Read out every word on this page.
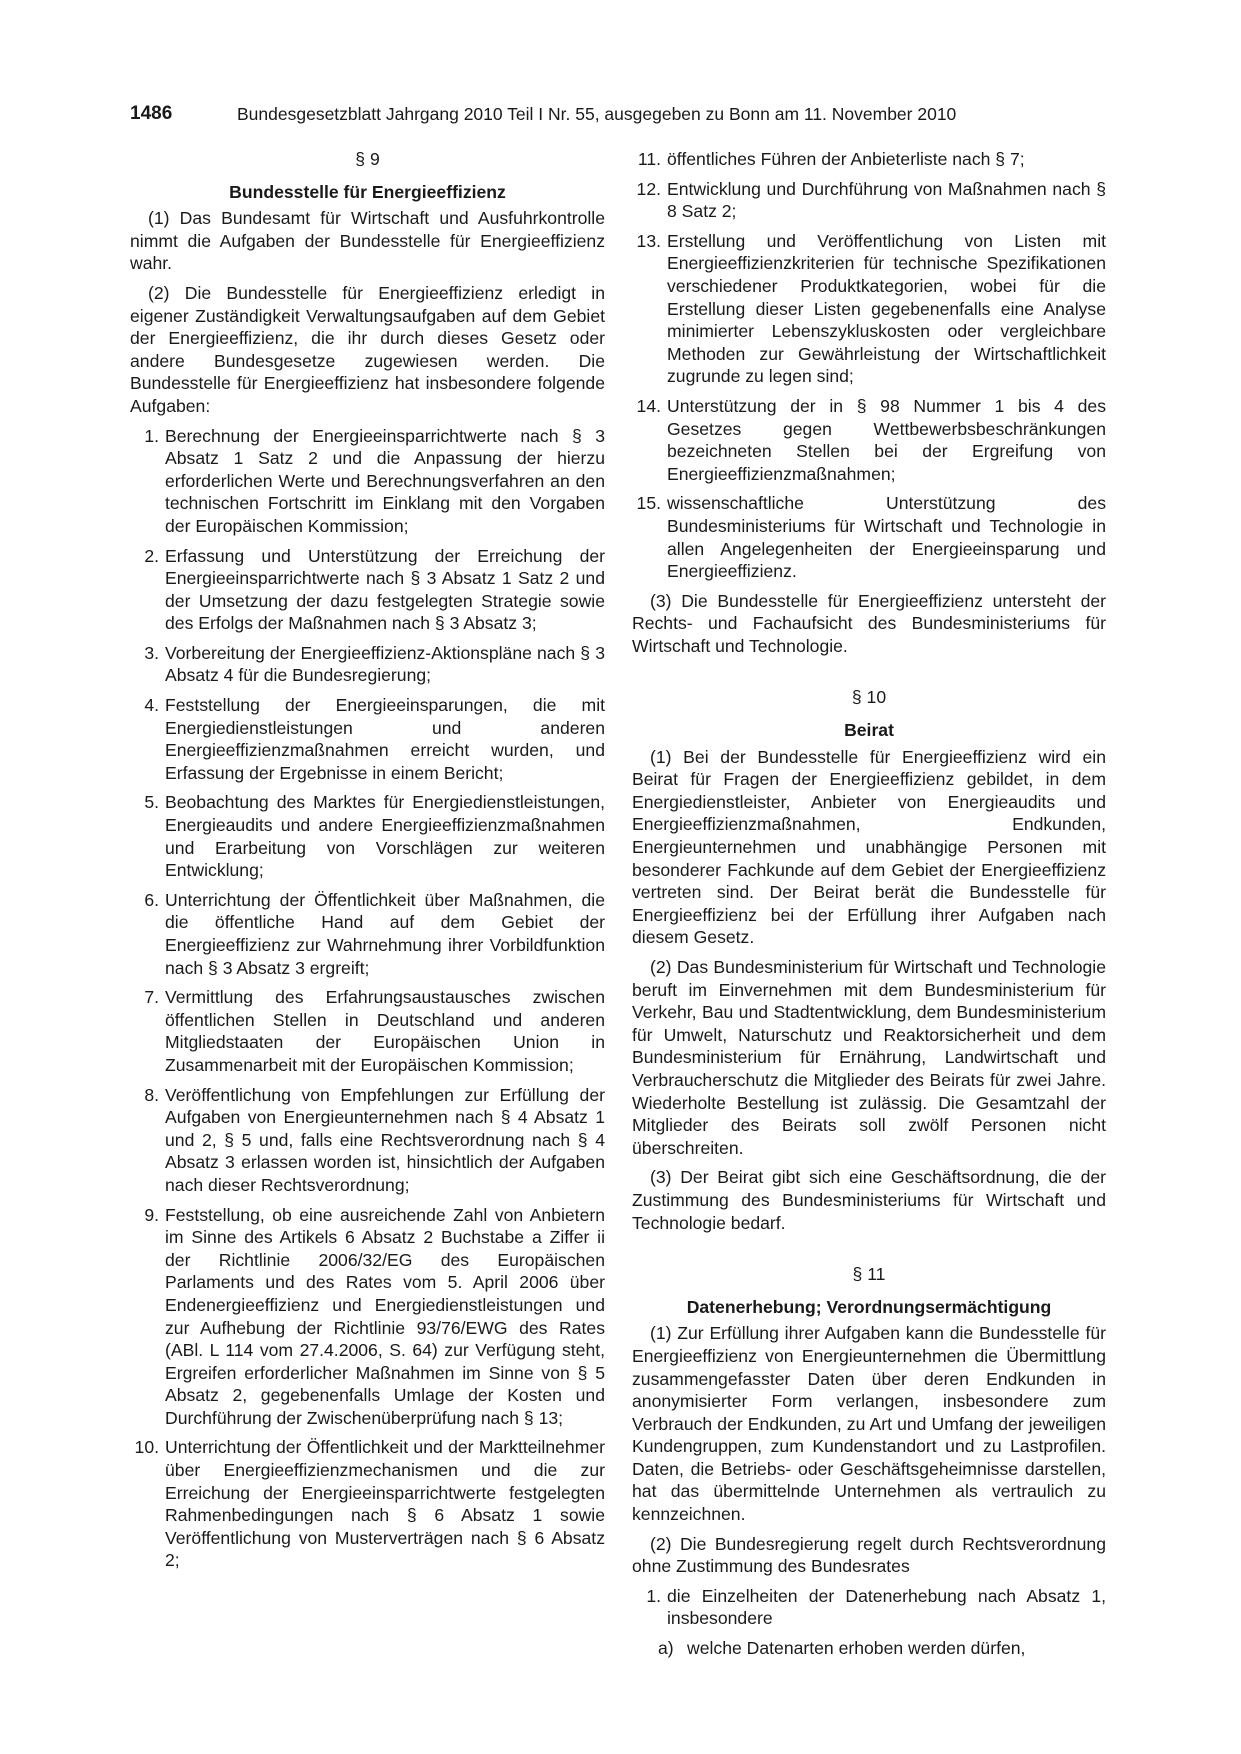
1486	Bundesgesetzblatt Jahrgang 2010 Teil I Nr. 55, ausgegeben zu Bonn am 11. November 2010

§ 9

Bundesstelle für Energieeffizienz

(1) Das Bundesamt für Wirtschaft und Ausfuhrkontrolle nimmt die Aufgaben der Bundesstelle für Energieeffizienz wahr.

(2) Die Bundesstelle für Energieeffizienz erledigt in eigener Zuständigkeit Verwaltungsaufgaben auf dem Gebiet der Energieeffizienz, die ihr durch dieses Gesetz oder andere Bundesgesetze zugewiesen werden. Die Bundesstelle für Energieeffizienz hat insbesondere folgende Aufgaben:

1. Berechnung der Energieeinsparrichtwerte nach § 3 Absatz 1 Satz 2 und die Anpassung der hierzu erforderlichen Werte und Berechnungsverfahren an den technischen Fortschritt im Einklang mit den Vorgaben der Europäischen Kommission;
2. Erfassung und Unterstützung der Erreichung der Energieeinsparrichtwerte nach § 3 Absatz 1 Satz 2 und der Umsetzung der dazu festgelegten Strategie sowie des Erfolgs der Maßnahmen nach § 3 Absatz 3;
3. Vorbereitung der Energieeffizienz-Aktionspläne nach § 3 Absatz 4 für die Bundesregierung;
4. Feststellung der Energieeinsparungen, die mit Energiedienstleistungen und anderen Energieeffizienzmaßnahmen erreicht wurden, und Erfassung der Ergebnisse in einem Bericht;
5. Beobachtung des Marktes für Energiedienstleistungen, Energieaudits und andere Energieeffizienzmaßnahmen und Erarbeitung von Vorschlägen zur weiteren Entwicklung;
6. Unterrichtung der Öffentlichkeit über Maßnahmen, die die öffentliche Hand auf dem Gebiet der Energieeffizienz zur Wahrnehmung ihrer Vorbildfunktion nach § 3 Absatz 3 ergreift;
7. Vermittlung des Erfahrungsaustausches zwischen öffentlichen Stellen in Deutschland und anderen Mitgliedstaaten der Europäischen Union in Zusammenarbeit mit der Europäischen Kommission;
8. Veröffentlichung von Empfehlungen zur Erfüllung der Aufgaben von Energieunternehmen nach § 4 Absatz 1 und 2, § 5 und, falls eine Rechtsverordnung nach § 4 Absatz 3 erlassen worden ist, hinsichtlich der Aufgaben nach dieser Rechtsverordnung;
9. Feststellung, ob eine ausreichende Zahl von Anbietern im Sinne des Artikels 6 Absatz 2 Buchstabe a Ziffer ii der Richtlinie 2006/32/EG des Europäischen Parlaments und des Rates vom 5. April 2006 über Endenergieeffizienz und Energiedienstleistungen und zur Aufhebung der Richtlinie 93/76/EWG des Rates (ABl. L 114 vom 27.4.2006, S. 64) zur Verfügung steht, Ergreifen erforderlicher Maßnahmen im Sinne von § 5 Absatz 2, gegebenenfalls Umlage der Kosten und Durchführung der Zwischenüberprüfung nach § 13;
10. Unterrichtung der Öffentlichkeit und der Marktteilnehmer über Energieeffizienzmechanismen und die zur Erreichung der Energieeinsparrichtwerte festgelegten Rahmenbedingungen nach § 6 Absatz 1 sowie Veröffentlichung von Musterverträgen nach § 6 Absatz 2;
11. öffentliches Führen der Anbieterliste nach § 7;
12. Entwicklung und Durchführung von Maßnahmen nach § 8 Satz 2;
13. Erstellung und Veröffentlichung von Listen mit Energieeffizienzkriterien für technische Spezifikationen verschiedener Produktkategorien, wobei für die Erstellung dieser Listen gegebenenfalls eine Analyse minimierter Lebenszykluskosten oder vergleichbare Methoden zur Gewährleistung der Wirtschaftlichkeit zugrunde zu legen sind;
14. Unterstützung der in § 98 Nummer 1 bis 4 des Gesetzes gegen Wettbewerbsbeschränkungen bezeichneten Stellen bei der Ergreifung von Energieeffizienzmaßnahmen;
15. wissenschaftliche Unterstützung des Bundesministeriums für Wirtschaft und Technologie in allen Angelegenheiten der Energieeinsparung und Energieeffizienz.

(3) Die Bundesstelle für Energieeffizienz untersteht der Rechts- und Fachaufsicht des Bundesministeriums für Wirtschaft und Technologie.

§ 10

Beirat

(1) Bei der Bundesstelle für Energieeffizienz wird ein Beirat für Fragen der Energieeffizienz gebildet, in dem Energiedienstleister, Anbieter von Energieaudits und Energieeffizienzmaßnahmen, Endkunden, Energieunternehmen und unabhängige Personen mit besonderer Fachkunde auf dem Gebiet der Energieeffizienz vertreten sind. Der Beirat berät die Bundesstelle für Energieeffizienz bei der Erfüllung ihrer Aufgaben nach diesem Gesetz.

(2) Das Bundesministerium für Wirtschaft und Technologie beruft im Einvernehmen mit dem Bundesministerium für Verkehr, Bau und Stadtentwicklung, dem Bundesministerium für Umwelt, Naturschutz und Reaktorsicherheit und dem Bundesministerium für Ernährung, Landwirtschaft und Verbraucherschutz die Mitglieder des Beirats für zwei Jahre. Wiederholte Bestellung ist zulässig. Die Gesamtzahl der Mitglieder des Beirats soll zwölf Personen nicht überschreiten.

(3) Der Beirat gibt sich eine Geschäftsordnung, die der Zustimmung des Bundesministeriums für Wirtschaft und Technologie bedarf.

§ 11

Datenerhebung; Verordnungsermächtigung

(1) Zur Erfüllung ihrer Aufgaben kann die Bundesstelle für Energieeffizienz von Energieunternehmen die Übermittlung zusammengefasster Daten über deren Endkunden in anonymisierter Form verlangen, insbesondere zum Verbrauch der Endkunden, zu Art und Umfang der jeweiligen Kundengruppen, zum Kundenstandort und zu Lastprofilen. Daten, die Betriebs- oder Geschäftsgeheimnisse darstellen, hat das übermittelnde Unternehmen als vertraulich zu kennzeichnen.

(2) Die Bundesregierung regelt durch Rechtsverordnung ohne Zustimmung des Bundesrates

1. die Einzelheiten der Datenerhebung nach Absatz 1, insbesondere
a) welche Datenarten erhoben werden dürfen,
